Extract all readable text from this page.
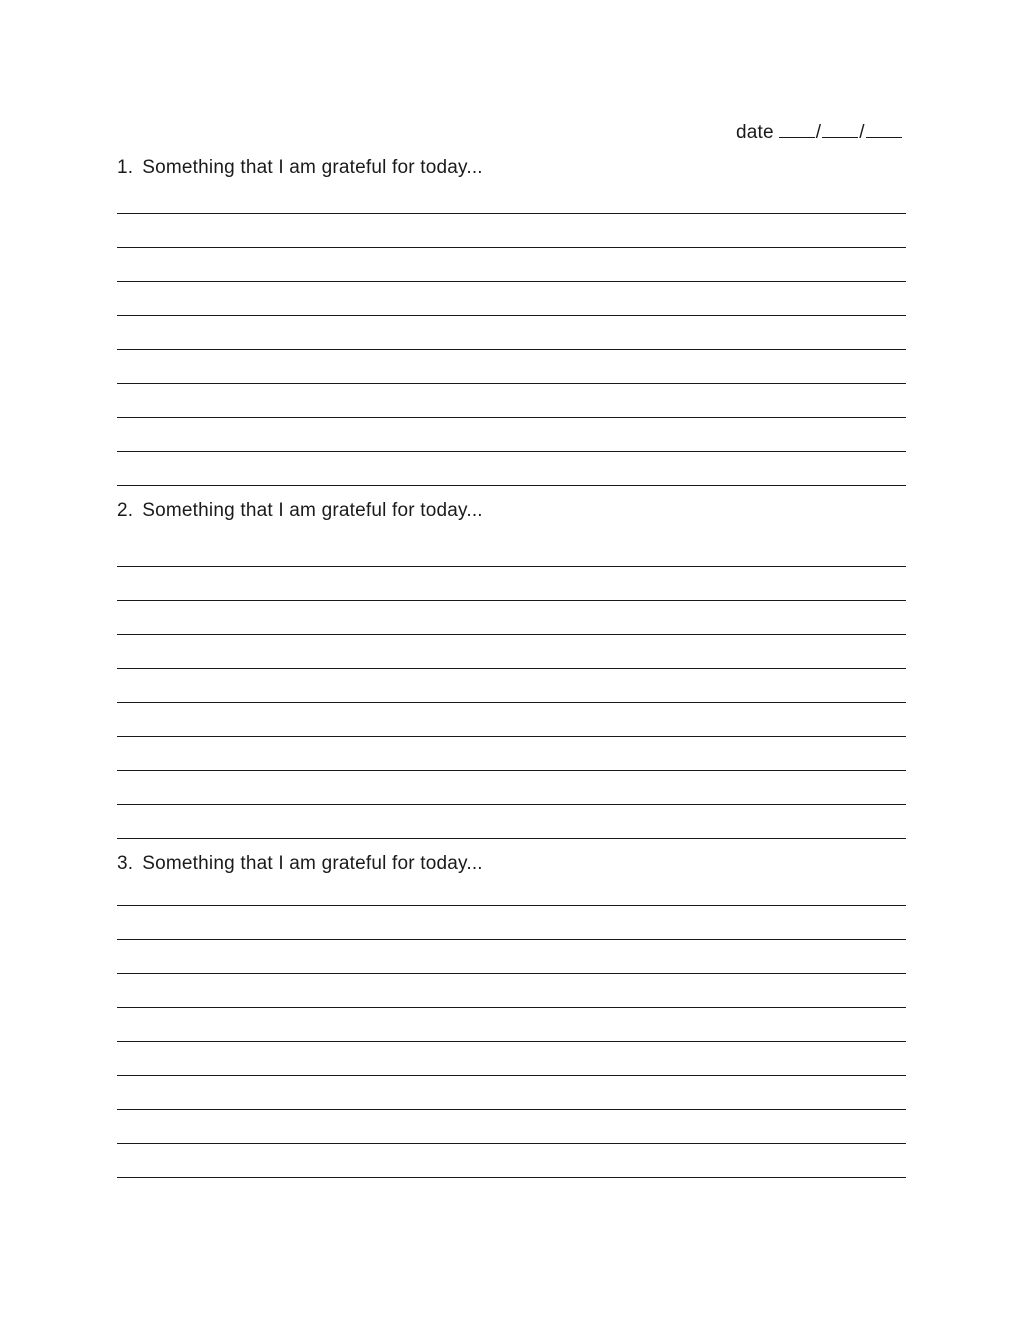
date / /
1. Something that I am grateful for today...
2. Something that I am grateful for today...
3. Something that I am grateful for today...
